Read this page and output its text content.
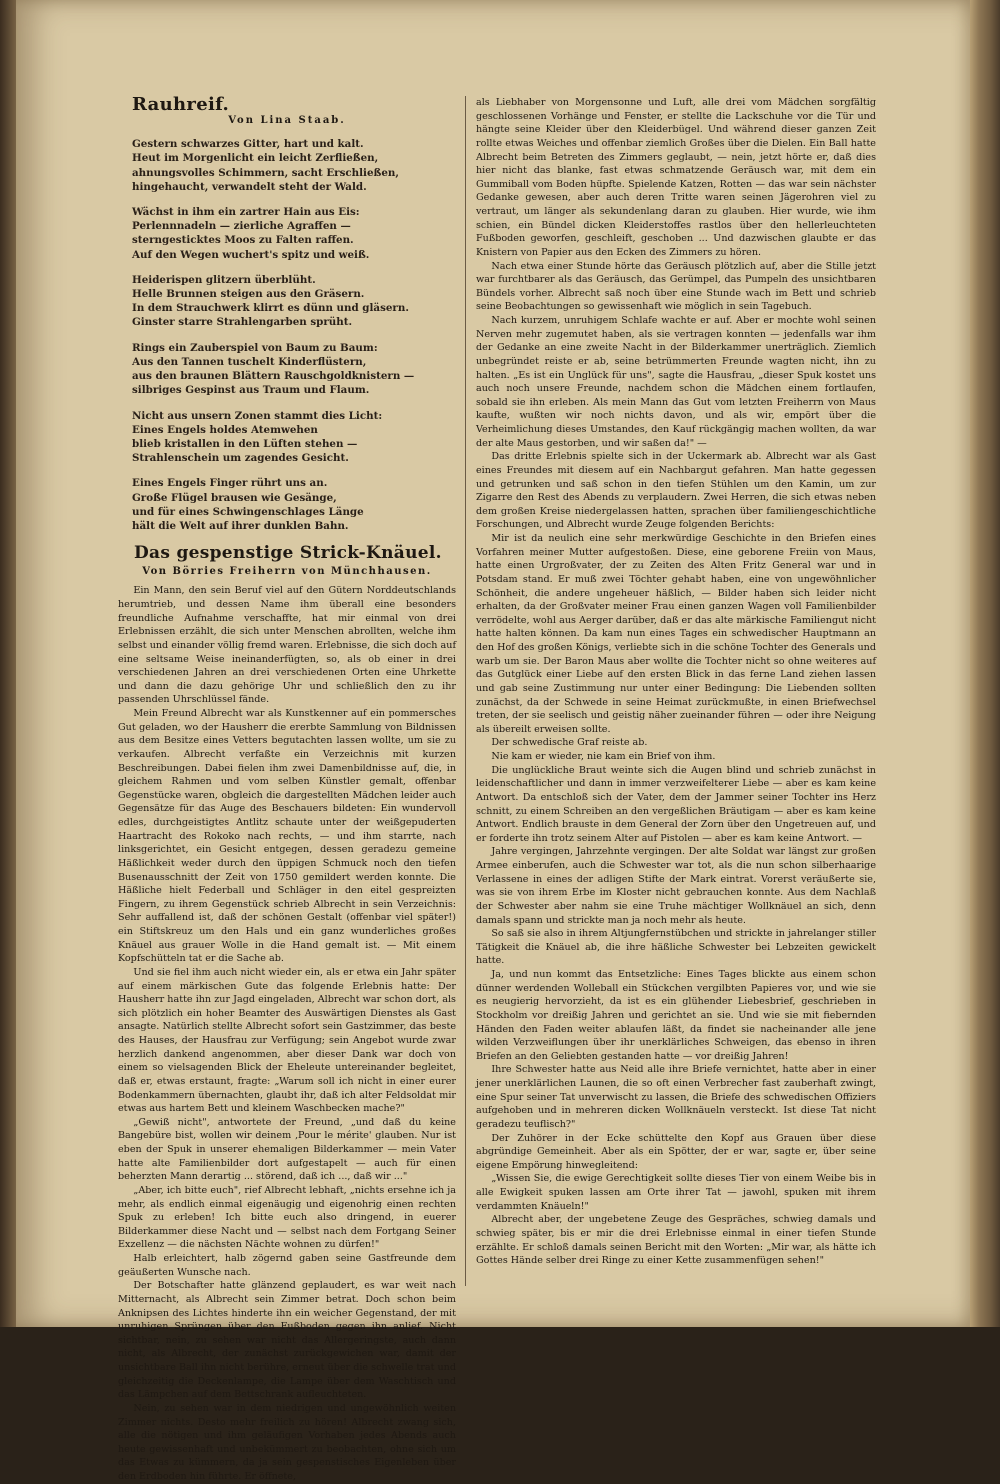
Rauhreif.
Von Lina Staab.
Gestern schwarzes Gitter, hart und kalt.
Heut im Morgenlicht ein leicht Zerfließen,
ahnungsvolles Schimmern, sacht Erschließen,
hingehaucht, verwandelt steht der Wald.
Wächst in ihm ein zartrer Hain aus Eis:
Perlennnadeln — zierliche Agraffen —
sterngesticktes Moos zu Falten raffen.
Auf den Wegen wuchert's spitz und weiß.
Heiderispen glitzern überblüht.
Helle Brunnen steigen aus den Gräsern.
In dem Strauchwerk klirrt es dünn und gläsern.
Ginster starre Strahlengarben sprüht.
Rings ein Zauberspiel von Baum zu Baum:
Aus den Tannen tuschelt Kinderflüstern,
aus den braunen Blättern Rauschgoldknistern —
silbriges Gespinst aus Traum und Flaum.
Nicht aus unsern Zonen stammt dies Licht:
Eines Engels holdes Atemwehen
blieb kristallen in den Lüften stehen —
Strahlenschein um zagendes Gesicht.
Eines Engels Finger rührt uns an.
Große Flügel brausen wie Gesänge,
und für eines Schwingenschlages Länge
hält die Welt auf ihrer dunklen Bahn.
Das gespenstige Strick-Knäuel.
Von Börries Freiherrn von Münchhausen.

Ein Mann, den sein Beruf viel auf den Gütern Norddeutschlands herumtrieb, und dessen Name ihm überall eine besonders freundliche Aufnahme verschaffte, hat mir einmal von drei Erlebnissen erzählt, die sich unter Menschen abrollten, welche ihm selbst und einander völlig fremd waren. Erlebnisse, die sich doch auf eine seltsame Weise ineinanderfügten, so, als ob einer in drei verschiedenen Jahren an drei verschiedenen Orten eine Uhrkette und dann die dazu gehörige Uhr und schließlich den zu ihr passenden Uhrschlüssel fände.

Mein Freund Albrecht war als Kunstkenner auf ein pommersches Gut geladen, wo der Hausherr die ererbte Sammlung von Bildnissen aus dem Besitze eines Vetters begutachten lassen wollte, um sie zu verkaufen. Albrecht verfaßte ein Verzeichnis mit kurzen Beschreibungen. Dabei fielen ihm zwei Damenbildnisse auf, die, in gleichem Rahmen und vom selben Künstler gemalt, offenbar Gegenstücke waren, obgleich die dargestellten Mädchen leider auch Gegensätze für das Auge des Beschauers bildeten: Ein wundervoll edles, durchgeistigtes Antlitz schaute unter der weißgepuderten Haartracht des Rokoko nach rechts, — und ihm starrte, nach linksgerichtet, ein Gesicht entgegen, dessen geradezu gemeine Häßlichkeit weder durch den üppigen Schmuck noch den tiefen Busenausschnitt der Zeit von 1750 gemildert werden konnte. Die Häßliche hielt Federball und Schläger in den eitel gespreizten Fingern, zu ihrem Gegenstück schrieb Albrecht in sein Verzeichnis: Sehr auffallend ist, daß der schönen Gestalt (offenbar viel später!) ein Stiftskreuz um den Hals und ein ganz wunderliches großes Knäuel aus grauer Wolle in die Hand gemalt ist. — Mit einem Kopfschütteln tat er die Sache ab.

Und sie fiel ihm auch nicht wieder ein, als er etwa ein Jahr später auf einem märkischen Gute das folgende Erlebnis hatte: Der Hausherr hatte ihn zur Jagd eingeladen, Albrecht war schon dort, als sich plötzlich ein hoher Beamter des Auswärtigen Dienstes als Gast ansagte. Natürlich stellte Albrecht sofort sein Gastzimmer, das beste des Hauses, der Hausfrau zur Verfügung; sein Angebot wurde zwar herzlich dankend angenommen, aber dieser Dank war doch von einem so vielsagenden Blick der Eheleute untereinander begleitet, daß er, etwas erstaunt, fragte: „Warum soll ich nicht in einer eurer Bodenkammern übernachten, glaubt ihr, daß ich alter Feldsoldat mir etwas aus hartem Bett und kleinem Waschbecken mache?"

„Gewiß nicht", antwortete der Freund, „und daß du keine Bangebüre bist, wollen wir deinem ‚Pour le mérite' glauben. Nur ist eben der Spuk in unserer ehemaligen Bilderkammer — mein Vater hatte alte Familienbilder dort aufgestapelt — auch für einen beherzten Mann derartig ... störend, daß ich ..., daß wir ..."

„Aber, ich bitte euch", rief Albrecht lebhaft, „nichts ersehne ich ja mehr, als endlich einmal eigenäugig und eigenohrig einen rechten Spuk zu erleben! Ich bitte euch also dringend, in euerer Bilderkammer diese Nacht und — selbst nach dem Fortgang Seiner Exzellenz — die nächsten Nächte wohnen zu dürfen!"

Halb erleichtert, halb zögernd gaben seine Gastfreunde dem geäußerten Wunsche nach.

Der Botschafter hatte glänzend geplaudert, es war weit nach Mitternacht, als Albrecht sein Zimmer betrat. Doch schon beim Anknipsen des Lichtes hinderte ihn ein weicher Gegenstand, der mit unruhigen Sprüngen über den Fußboden gegen ihn anlief. Nicht sichtbar, nein, zu sehen war nicht das Allergeringste, auch dann nicht, als Albrecht, der zunächst zurückgewichen war, damit der unsichtbare Ball ihn nicht berühre, erneut über die schwelle trat und gleichzeitig die Deckenlampe, die Lampe über dem Waschtisch und das Lämpchen auf dem Bettschrank aufleuchteten.

Nein, zu sehen war in dem niedrigen und ungewöhnlich weiten Zimmer nichts. Desto mehr freilich zu hören! Albrecht zwang sich, alle die nötigen und ihm geläufigen Vorhaben jedes Abends auch heute gewissenhaft und unbekümmert zu beobachten, ohne sich um das Etwas zu kümmern, da ja sein gespenstisches Eigenleben über den Erdboden hin führte. Er öffnete,

als Liebhaber von Morgensonne und Luft, alle drei vom Mädchen sorgfältig geschlossenen Vorhänge und Fenster, er stellte die Lackschuhe vor die Tür und hängte seine Kleider über den Kleiderbügel. Und während dieser ganzen Zeit rollte etwas Weiches und offenbar ziemlich Großes über die Dielen. Ein Ball hatte Albrecht beim Betreten des Zimmers geglaubt, — nein, jetzt hörte er, daß dies hier nicht das blanke, fast etwas schmatzende Geräusch war, mit dem ein Gummiball vom Boden hüpfte. Spielende Katzen, Rotten — das war sein nächster Gedanke gewesen, aber auch deren Tritte waren seinen Jägerohren viel zu vertraut, um länger als sekundenlang daran zu glauben. Hier wurde, wie ihm schien, ein Bündel dicken Kleiderstoffes rastlos über den hellerleuchteten Fußboden geworfen, geschleift, geschoben ... Und dazwischen glaubte er das Knistern von Papier aus den Ecken des Zimmers zu hören.

Nach etwa einer Stunde hörte das Geräusch plötzlich auf, aber die Stille jetzt war furchtbarer als das Geräusch, das Gerümpel, das Pumpeln des unsichtbaren Bündels vorher. Albrecht saß noch über eine Stunde wach im Bett und schrieb seine Beobachtungen so gewissenhaft wie möglich in sein Tagebuch.

Nach kurzem, unruhigem Schlafe wachte er auf. Aber er mochte wohl seinen Nerven mehr zugemutet haben, als sie vertragen konnten — jedenfalls war ihm der Gedanke an eine zweite Nacht in der Bilderkammer unerträglich. Ziemlich unbegründet reiste er ab, seine betrümmerten Freunde wagten nicht, ihn zu halten. „Es ist ein Unglück für uns", sagte die Hausfrau, „dieser Spuk kostet uns auch noch unsere Freunde, nachdem schon die Mädchen einem fortlaufen, sobald sie ihn erleben. Als mein Mann das Gut vom letzten Freiherrn von Maus kaufte, wußten wir noch nichts davon, und als wir, empört über die Verheimlichung dieses Umstandes, den Kauf rückgängig machen wollten, da war der alte Maus gestorben, und wir saßen da!" —

Das dritte Erlebnis spielte sich in der Uckermark ab. Albrecht war als Gast eines Freundes mit diesem auf ein Nachbargut gefahren. Man hatte gegessen und getrunken und saß schon in den tiefen Stühlen um den Kamin, um zur Zigarre den Rest des Abends zu verplaudern. Zwei Herren, die sich etwas neben dem großen Kreise niedergelassen hatten, sprachen über familiengeschichtliche Forschungen, und Albrecht wurde Zeuge folgenden Berichts:

Mir ist da neulich eine sehr merkwürdige Geschichte in den Briefen eines Vorfahren meiner Mutter aufgestoßen. Diese, eine geborene Freiin von Maus, hatte einen Urgroßvater, der zu Zeiten des Alten Fritz General war und in Potsdam stand. Er muß zwei Töchter gehabt haben, eine von ungewöhnlicher Schönheit, die andere ungeheuer häßlich, — Bilder haben sich leider nicht erhalten, da der Großvater meiner Frau einen ganzen Wagen voll Familienbilder verrödelte, wohl aus Aerger darüber, daß er das alte märkische Familiengut nicht hatte halten können. Da kam nun eines Tages ein schwedischer Hauptmann an den Hof des großen Königs, verliebte sich in die schöne Tochter des Generals und warb um sie. Der Baron Maus aber wollte die Tochter nicht so ohne weiteres auf das Gutglück einer Liebe auf den ersten Blick in das ferne Land ziehen lassen und gab seine Zustimmung nur unter einer Bedingung: Die Liebenden sollten zunächst, da der Schwede in seine Heimat zurückmußte, in einen Briefwechsel treten, der sie seelisch und geistig näher zueinander führen — oder ihre Neigung als übereilt erweisen sollte.

Der schwedische Graf reiste ab.

Nie kam er wieder, nie kam ein Brief von ihm.

Die unglückliche Braut weinte sich die Augen blind und schrieb zunächst in leidenschaftlicher und dann in immer verzweifelterer Liebe — aber es kam keine Antwort. Da entschloß sich der Vater, dem der Jammer seiner Tochter ins Herz schnitt, zu einem Schreiben an den vergeßlichen Bräutigam — aber es kam keine Antwort. Endlich brauste in dem General der Zorn über den Ungetreuen auf, und er forderte ihn trotz seinem Alter auf Pistolen — aber es kam keine Antwort. —

Jahre vergingen, Jahrzehnte vergingen. Der alte Soldat war längst zur großen Armee einberufen, auch die Schwester war tot, als die nun schon silberhaarige Verlassene in eines der adligen Stifte der Mark eintrat. Vorerst veräußerte sie, was sie von ihrem Erbe im Kloster nicht gebrauchen konnte. Aus dem Nachlaß der Schwester aber nahm sie eine Truhe mächtiger Wollknäuel an sich, denn damals spann und strickte man ja noch mehr als heute.

So saß sie also in ihrem Altjungfernstübchen und strickte in jahrelanger stiller Tätigkeit die Knäuel ab, die ihre häßliche Schwester bei Lebzeiten gewickelt hatte.

Ja, und nun kommt das Entsetzliche: Eines Tages blickte aus einem schon dünner werdenden Wolleball ein Stückchen vergilbten Papieres vor, und wie sie es neugierig hervorzieht, da ist es ein glühender Liebesbrief, geschrieben in Stockholm vor dreißig Jahren und gerichtet an sie. Und wie sie mit fiebernden Händen den Faden weiter ablaufen läßt, da findet sie nacheinander alle jene wilden Verzweiflungen über ihr unerklärliches Schweigen, das ebenso in ihren Briefen an den Geliebten gestanden hatte — vor dreißig Jahren!

Ihre Schwester hatte aus Neid alle ihre Briefe vernichtet, hatte aber in einer jener unerklärlichen Launen, die so oft einen Verbrecher fast zauberhaft zwingt, eine Spur seiner Tat unverwischt zu lassen, die Briefe des schwedischen Offiziers aufgehoben und in mehreren dicken Wollknäueln versteckt. Ist diese Tat nicht geradezu teuflisch?"

Der Zuhörer in der Ecke schüttelte den Kopf aus Grauen über diese abgründige Gemeinheit. Aber als ein Spötter, der er war, sagte er, über seine eigene Empörung hinwegleitend:

„Wissen Sie, die ewige Gerechtigkeit sollte dieses Tier von einem Weibe bis in alle Ewigkeit spuken lassen am Orte ihrer Tat — jawohl, spuken mit ihrem verdammten Knäueln!"

Albrecht aber, der ungebetene Zeuge des Gespräches, schwieg damals und schwieg später, bis er mir die drei Erlebnisse einmal in einer tiefen Stunde erzählte. Er schloß damals seinen Bericht mit den Worten: „Mir war, als hätte ich Gottes Hände selber drei Ringe zu einer Kette zusammenfügen sehen!"
